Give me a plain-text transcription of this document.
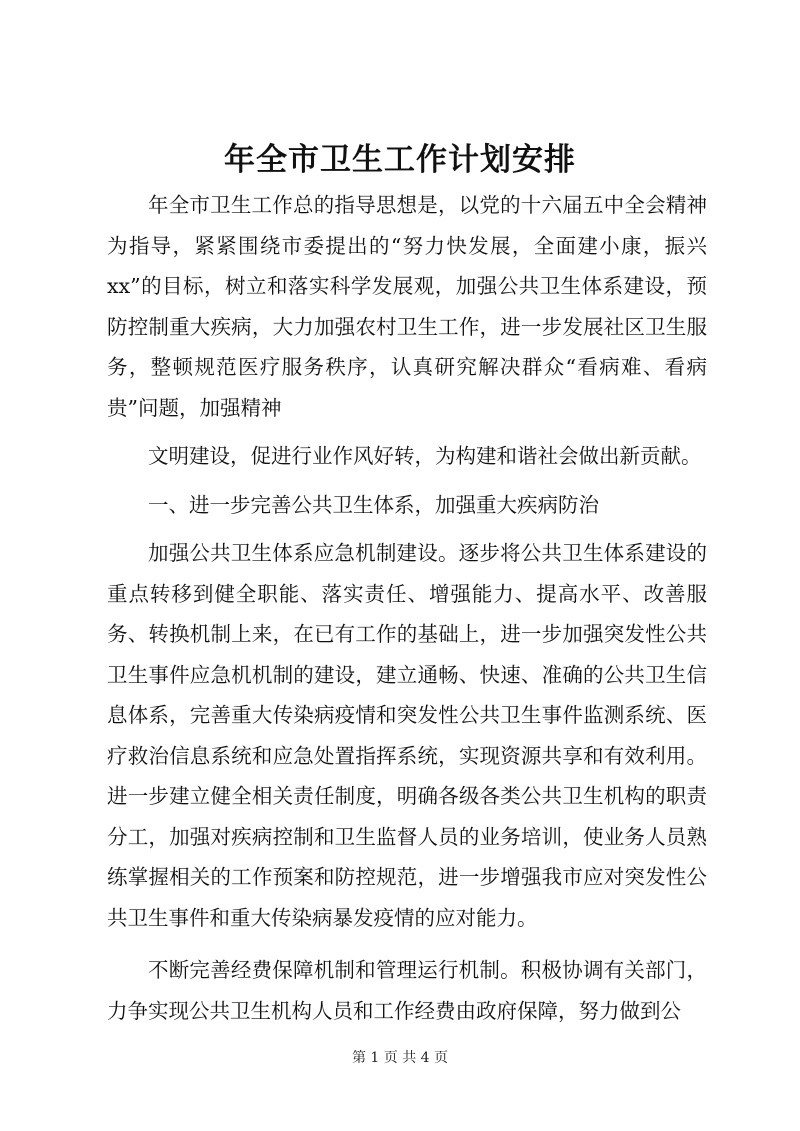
年全市卫生工作计划安排

年全市卫生工作总的指导思想是，以党的十六届五中全会精神为指导，紧紧围绕市委提出的“努力快发展，全面建小康，振兴xx”的目标，树立和落实科学发展观，加强公共卫生体系建设，预防控制重大疾病，大力加强农村卫生工作，进一步发展社区卫生服务，整顿规范医疗服务秩序，认真研究解决群众“看病难、看病贵”问题，加强精神

文明建设，促进行业作风好转，为构建和谐社会做出新贡献。

一、进一步完善公共卫生体系，加强重大疾病防治

加强公共卫生体系应急机制建设。逐步将公共卫生体系建设的重点转移到健全职能、落实责任、增强能力、提高水平、改善服务、转换机制上来，在已有工作的基础上，进一步加强突发性公共卫生事件应急机机制的建设，建立通畅、快速、准确的公共卫生信息体系，完善重大传染病疫情和突发性公共卫生事件监测系统、医疗救治信息系统和应急处置指挥系统，实现资源共享和有效利用。进一步建立健全相关责任制度，明确各级各类公共卫生机构的职责分工，加强对疾病控制和卫生监督人员的业务培训，使业务人员熟练掌握相关的工作预案和防控规范，进一步增强我市应对突发性公共卫生事件和重大传染病暴发疫情的应对能力。

不断完善经费保障机制和管理运行机制。积极协调有关部门，力争实现公共卫生机构人员和工作经费由政府保障，努力做到公

第 1 页 共 4 页
